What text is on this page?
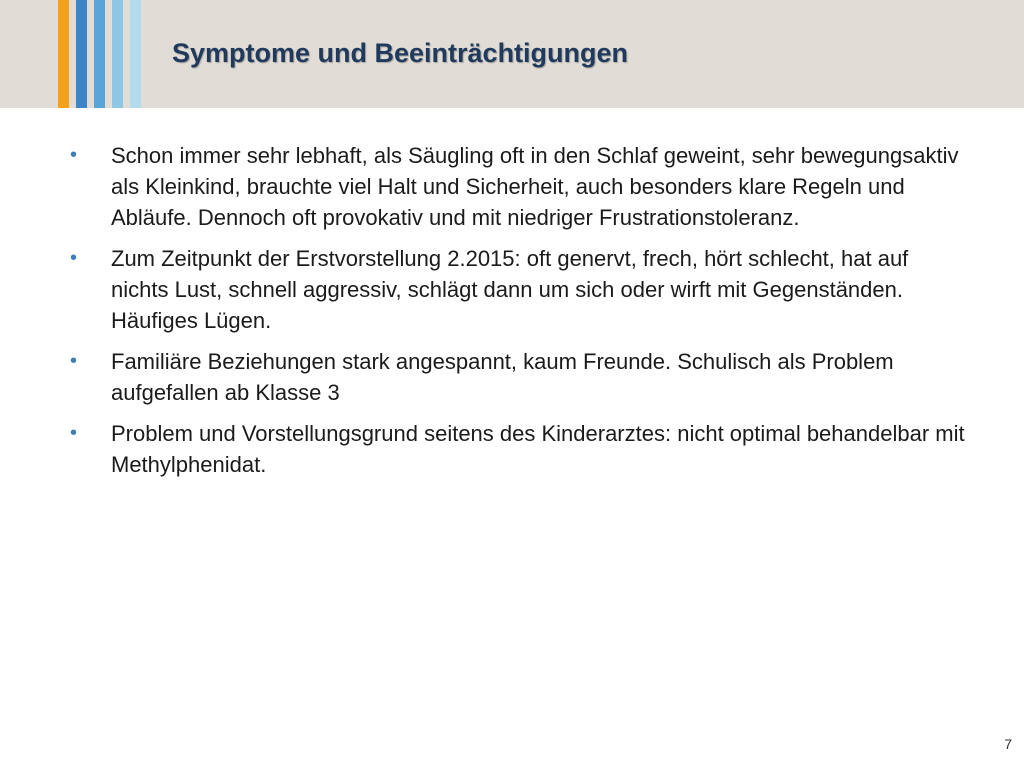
Symptome und Beeinträchtigungen
• Schon immer sehr lebhaft, als Säugling oft in den Schlaf geweint, sehr bewegungsaktiv als Kleinkind, brauchte viel Halt und Sicherheit, auch besonders klare Regeln und Abläufe. Dennoch oft provokativ und mit niedriger Frustrationstoleranz.
• Zum Zeitpunkt der Erstvorstellung 2.2015: oft genervt, frech, hört schlecht, hat auf nichts Lust, schnell aggressiv, schlägt dann um sich oder wirft mit Gegenständen. Häufiges Lügen.
• Familiäre Beziehungen stark angespannt, kaum Freunde. Schulisch als Problem aufgefallen ab Klasse 3
• Problem und Vorstellungsgrund seitens des Kinderarztes: nicht optimal behandelbar mit Methylphenidat.
7
